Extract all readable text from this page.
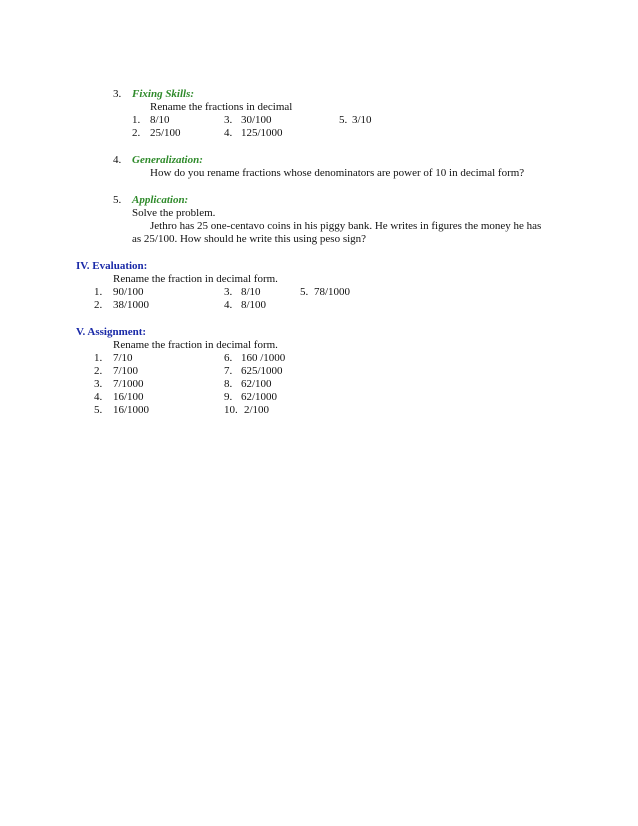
3. Fixing Skills:
Rename the fractions in decimal
1. 8/10	3. 30/100	5. 3/10
2. 25/100	4. 125/1000
4. Generalization:
How do you rename fractions whose denominators are power of 10 in decimal form?
5. Application:
Solve the problem.
Jethro has 25 one-centavo coins in his piggy bank. He writes in figures the money he has
as 25/100. How should he write this using peso sign?
IV. Evaluation:
Rename the fraction in decimal form.
1. 90/100	3. 8/10	5. 78/1000
2. 38/1000	4. 8/100
V. Assignment:
Rename the fraction in decimal form.
1. 7/10	6. 160 /1000
2. 7/100	7. 625/1000
3. 7/1000	8. 62/100
4. 16/100	9. 62/1000
5. 16/1000	10. 2/100
